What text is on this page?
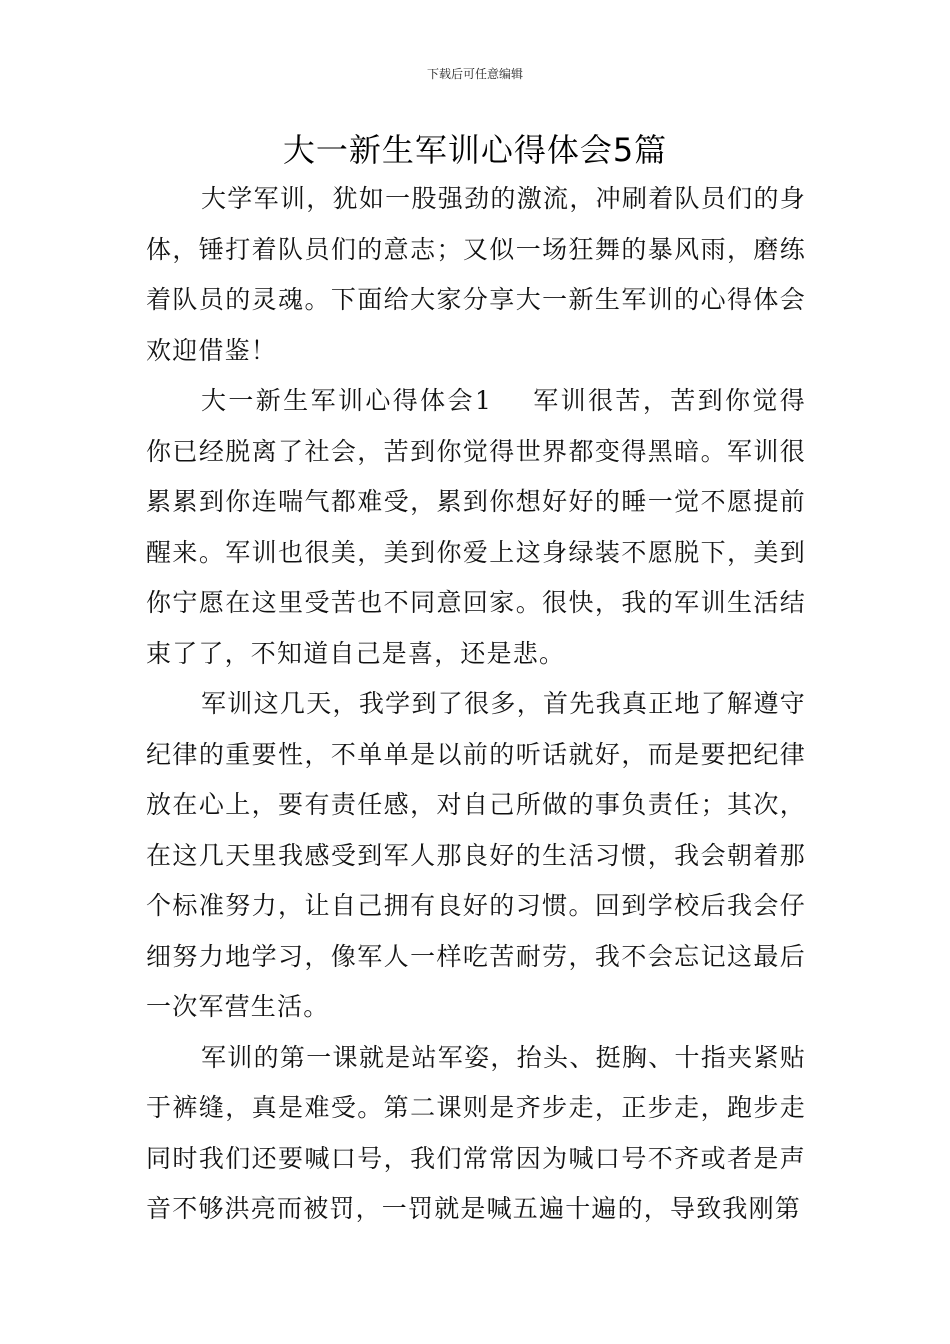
下载后可任意编辑
大一新生军训心得体会5篇

大学军训，犹如一股强劲的激流，冲刷着队员们的身体，锤打着队员们的意志；又似一场狂舞的暴风雨，磨练着队员的灵魂。下面给大家分享大一新生军训的心得体会欢迎借鉴！

大一新生军训心得体会1 军训很苦，苦到你觉得你已经脱离了社会，苦到你觉得世界都变得黑暗。军训很累累到你连喘气都难受，累到你想好好的睡一觉不愿提前醒来。军训也很美，美到你爱上这身绿装不愿脱下，美到你宁愿在这里受苦也不同意回家。很快，我的军训生活结束了了，不知道自己是喜，还是悲。

军训这几天，我学到了很多，首先我真正地了解遵守纪律的重要性，不单单是以前的听话就好，而是要把纪律放在心上，要有责任感，对自己所做的事负责任；其次，在这几天里我感受到军人那良好的生活习惯，我会朝着那个标准努力，让自己拥有良好的习惯。回到学校后我会仔细努力地学习，像军人一样吃苦耐劳，我不会忘记这最后一次军营生活。

军训的第一课就是站军姿，抬头、挺胸、十指夹紧贴于裤缝，真是难受。第二课则是齐步走，正步走，跑步走同时我们还要喊口号，我们常常因为喊口号不齐或者是声音不够洪亮而被罚，一罚就是喊五遍十遍的，导致我刚第
